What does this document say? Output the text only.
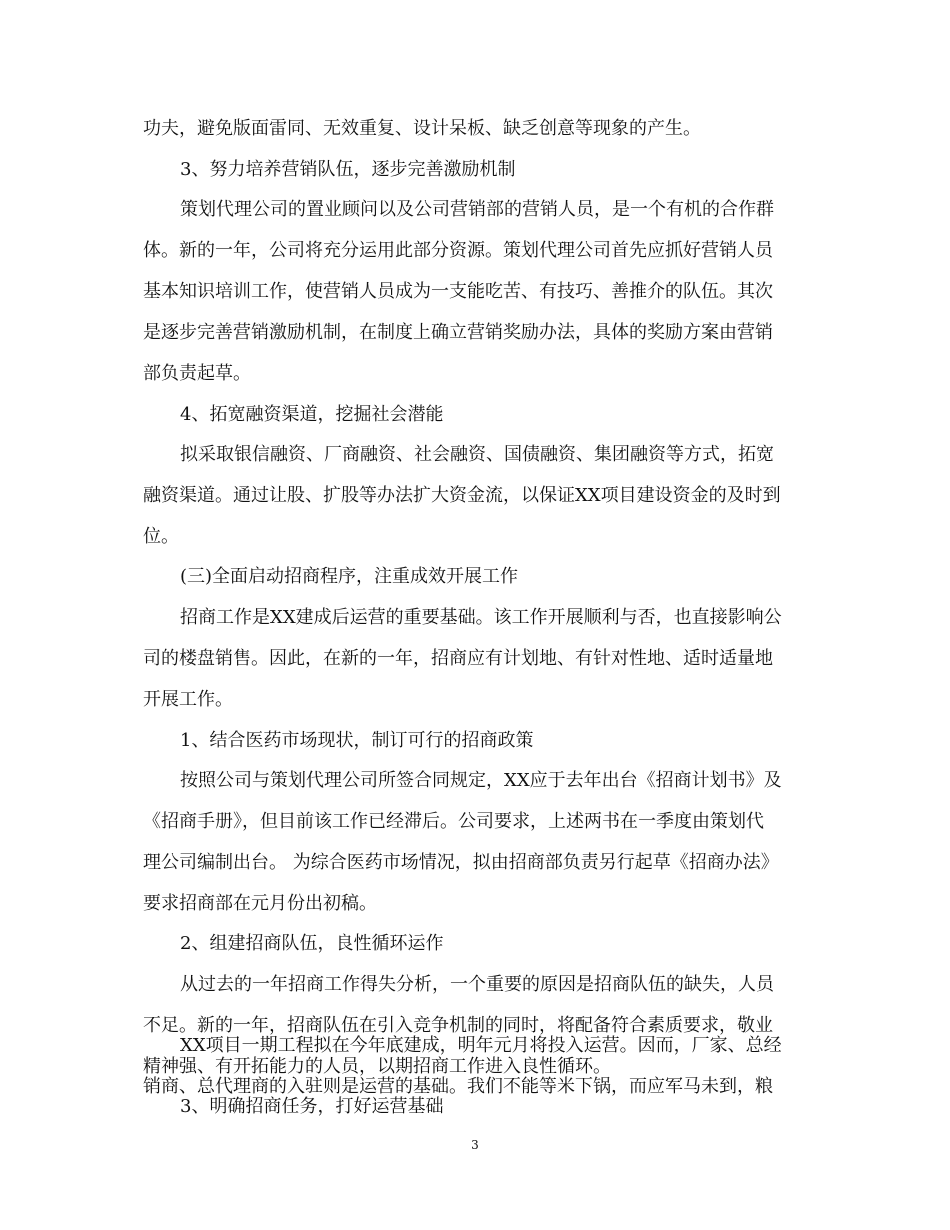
功夫，避免版面雷同、无效重复、设计呆板、缺乏创意等现象的产生。
3、努力培养营销队伍，逐步完善激励机制
策划代理公司的置业顾问以及公司营销部的营销人员，是一个有机的合作群
体。新的一年，公司将充分运用此部分资源。策划代理公司首先应抓好营销人员
基本知识培训工作，使营销人员成为一支能吃苦、有技巧、善推介的队伍。其次
是逐步完善营销激励机制，在制度上确立营销奖励办法，具体的奖励方案由营销
部负责起草。
4、拓宽融资渠道，挖掘社会潜能
拟采取银信融资、厂商融资、社会融资、国债融资、集团融资等方式，拓宽
融资渠道。通过让股、扩股等办法扩大资金流，以保证XX项目建设资金的及时到
位。
(三)全面启动招商程序，注重成效开展工作
招商工作是XX建成后运营的重要基础。该工作开展顺利与否，也直接影响公
司的楼盘销售。因此，在新的一年，招商应有计划地、有针对性地、适时适量地
开展工作。
1、结合医药市场现状，制订可行的招商政策
按照公司与策划代理公司所签合同规定，XX应于去年出台《招商计划书》及
《招商手册》，但目前该工作已经滞后。公司要求，上述两书在一季度由策划代
理公司编制出台。 为综合医药市场情况，拟由招商部负责另行起草《招商办法》
要求招商部在元月份出初稿。
2、组建招商队伍，良性循环运作
从过去的一年招商工作得失分析，一个重要的原因是招商队伍的缺失，人员
不足。新的一年，招商队伍在引入竞争机制的同时，将配备符合素质要求，敬业
精神强、有开拓能力的人员，以期招商工作进入良性循环。
3、明确招商任务，打好运营基础
XX项目一期工程拟在今年底建成，明年元月将投入运营。因而，厂家、总经
销商、总代理商的入驻则是运营的基础。我们不能等米下锅，而应军马未到，粮
3
